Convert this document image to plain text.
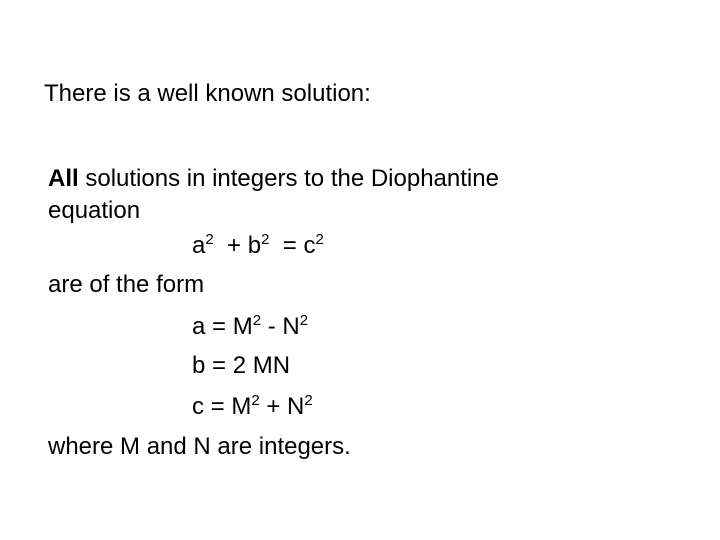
There is a well known solution:
All solutions in integers to the Diophantine
equation
$a^2 + b^2 = c^2$
are of the form
$a = M^2 - N^2$
b = 2 MN
$c = M^2 + N^2$
where M and N are integers.
